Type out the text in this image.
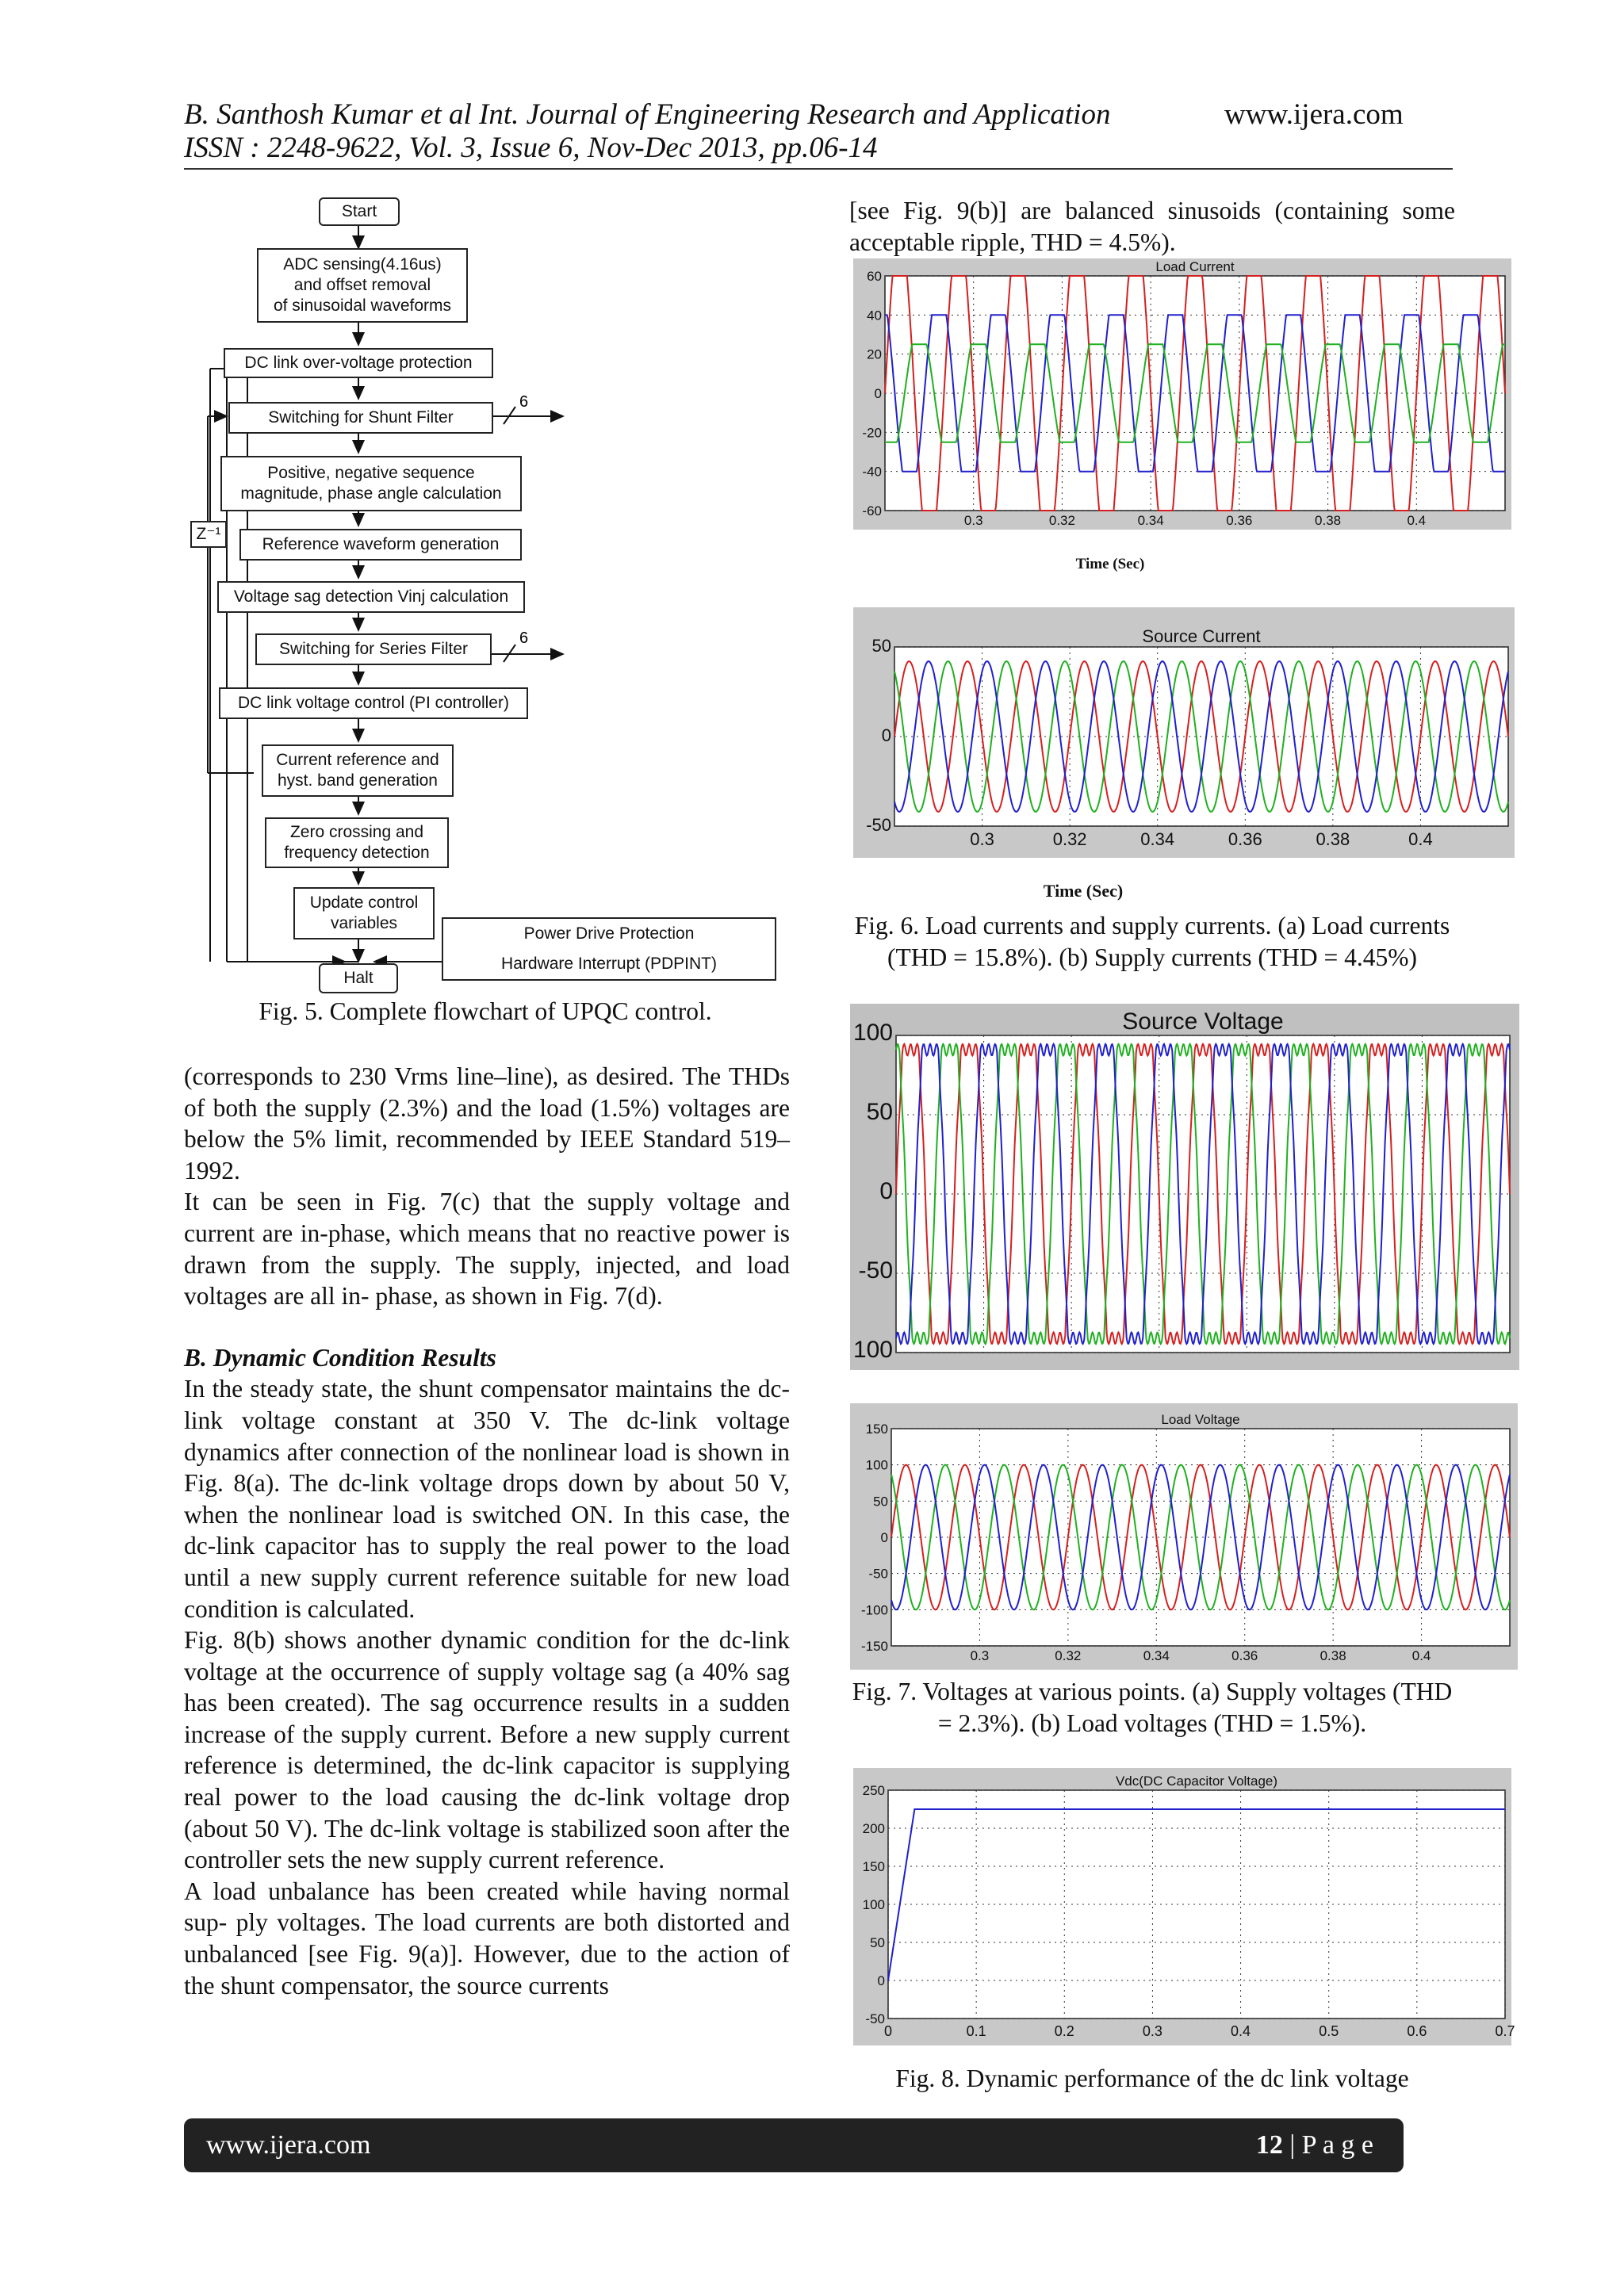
B. Santhosh Kumar et al Int. Journal of Engineering Research and Application
ISSN : 2248-9622, Vol. 3, Issue 6, Nov-Dec 2013, pp.06-14
www.ijera.com
6
6
Start
ADC sensing(4.16us)
and offset removal
of sinusoidal waveforms
DC link over-voltage protection
Switching for Shunt Filter
Positive, negative sequence
magnitude, phase angle calculation
Z⁻¹
Reference waveform generation
Voltage sag detection Vinj calculation
Switching for Series Filter
DC link voltage control (PI controller)
Current reference and
hyst. band generation
Zero crossing and
frequency detection
Update control
variables
Power Drive Protection
Hardware Interrupt (PDPINT)
Halt
Fig. 5. Complete flowchart of UPQC control.

(corresponds to 230 Vrms line–line), as desired. The THDs of both the supply (2.3%) and the load (1.5%) voltages are below the 5% limit, recommended by IEEE Standard 519–1992.

It can be seen in Fig. 7(c) that the supply voltage and current are in-phase, which means that no reactive power is drawn from the supply. The supply, injected, and load voltages are all in- phase, as shown in Fig. 7(d).

B. Dynamic Condition Results

In the steady state, the shunt compensator maintains the dc- link voltage constant at 350 V. The dc-link voltage dynamics after connection of the nonlinear load is shown in Fig. 8(a). The dc-link voltage drops down by about 50 V, when the nonlinear load is switched ON. In this case, the dc-link capacitor has to supply the real power to the load until a new supply current reference suitable for new load condition is calculated.

Fig. 8(b) shows another dynamic condition for the dc-link voltage at the occurrence of supply voltage sag (a 40% sag has been created). The sag occurrence results in a sudden increase of the supply current. Before a new supply current reference is determined, the dc-link capacitor is supplying real power to the load causing the dc-link voltage drop (about 50 V). The dc-link voltage is stabilized soon after the controller sets the new supply current reference.

A load unbalance has been created while having normal sup- ply voltages. The load currents are both distorted and unbalanced [see Fig. 9(a)]. However, due to the action of the shunt compensator, the source currents

[see Fig. 9(b)] are balanced sinusoids (containing some acceptable ripple, THD = 4.5%).

Load Current
60
40
20
0
-20
-40
-60
0.3	0.32	0.34	0.36	0.38	0.4
Time (Sec)
Source Current
50
0
-50
0.3	0.32	0.34	0.36	0.38	0.4
Time (Sec)
Fig. 6. Load currents and supply currents. (a) Load currents (THD = 15.8%). (b) Supply currents (THD = 4.45%)
Source Voltage
100
50
0
-50
100
Load Voltage
150
100
50
0
-50
-100
-150
0.3	0.32	0.34	0.36	0.38	0.4
Fig. 7. Voltages at various points. (a) Supply voltages (THD = 2.3%). (b) Load voltages (THD = 1.5%).
Vdc(DC Capacitor Voltage)
250
200
150
100
50
0
-50
0	0.1	0.2	0.3	0.4	0.5	0.6	0.7
Fig. 8. Dynamic performance of the dc link voltage
www.ijera.com	12 | P a g e
